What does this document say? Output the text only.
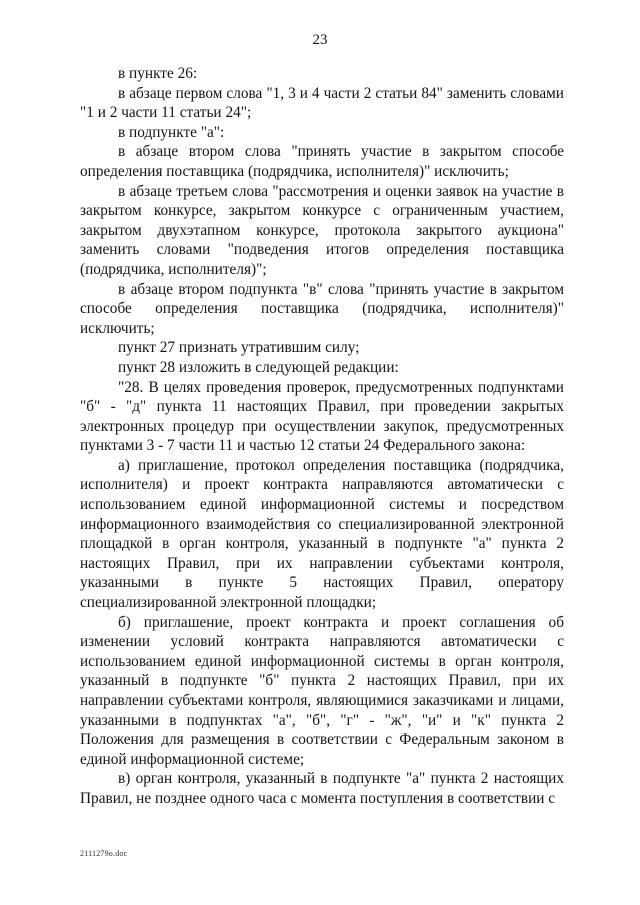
23

в пункте 26:

в абзаце первом слова "1, 3 и 4 части 2 статьи 84" заменить словами "1 и 2 части 11 статьи 24";

в подпункте "а":

в абзаце втором слова "принять участие в закрытом способе определения поставщика (подрядчика, исполнителя)" исключить;

в абзаце третьем слова "рассмотрения и оценки заявок на участие в закрытом конкурсе, закрытом конкурсе с ограниченным участием, закрытом двухэтапном конкурсе, протокола закрытого аукциона" заменить словами "подведения итогов определения поставщика (подрядчика, исполнителя)";

в абзаце втором подпункта "в" слова "принять участие в закрытом способе определения поставщика (подрядчика, исполнителя)" исключить;

пункт 27 признать утратившим силу;

пункт 28 изложить в следующей редакции:

"28. В целях проведения проверок, предусмотренных подпунктами "б" - "д" пункта 11 настоящих Правил, при проведении закрытых электронных процедур при осуществлении закупок, предусмотренных пунктами 3 - 7 части 11 и частью 12 статьи 24 Федерального закона:

а) приглашение, протокол определения поставщика (подрядчика, исполнителя) и проект контракта направляются автоматически с использованием единой информационной системы и посредством информационного взаимодействия со специализированной электронной площадкой в орган контроля, указанный в подпункте "а" пункта 2 настоящих Правил, при их направлении субъектами контроля, указанными в пункте 5 настоящих Правил, оператору специализированной электронной площадки;

б) приглашение, проект контракта и проект соглашения об изменении условий контракта направляются автоматически с использованием единой информационной системы в орган контроля, указанный в подпункте "б" пункта 2 настоящих Правил, при их направлении субъектами контроля, являющимися заказчиками и лицами, указанными в подпунктах "а", "б", "г" - "ж", "и" и "к" пункта 2 Положения для размещения в соответствии с Федеральным законом в единой информационной системе;

в) орган контроля, указанный в подпункте "а" пункта 2 настоящих Правил, не позднее одного часа с момента поступления в соответствии с

2111279о.doc
